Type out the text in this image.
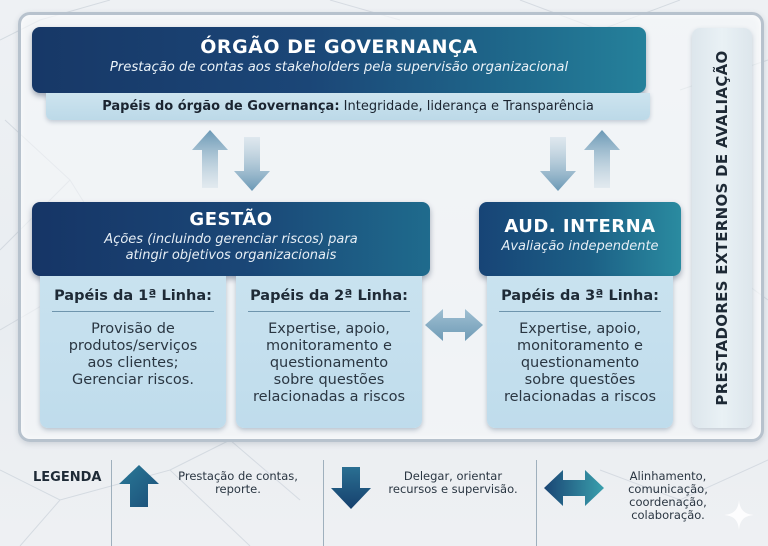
ÓRGÃO DE GOVERNANÇA
Prestação de contas aos stakeholders pela supervisão organizacional
Papéis do órgão de Governança: Integridade, liderança e Transparência
GESTÃO
Ações (incluindo gerenciar riscos) para
atingir objetivos organizacionais
AUD. INTERNA
Avaliação independente
Papéis da 1ª Linha:
Provisão de
produtos/serviços
aos clientes;
Gerenciar riscos.
Papéis da 2ª Linha:
Expertise, apoio,
monitoramento e
questionamento
sobre questões
relacionadas a riscos
Papéis da 3ª Linha:
Expertise, apoio,
monitoramento e
questionamento
sobre questões
relacionadas a riscos	PRESTADORES EXTERNOS DE AVALIAÇÃO
LEGENDA	Prestação de contas,
reporte.
Delegar, orientar
recursos e supervisão.
Alinhamento,
comunicação,
coordenação,
colaboração.
